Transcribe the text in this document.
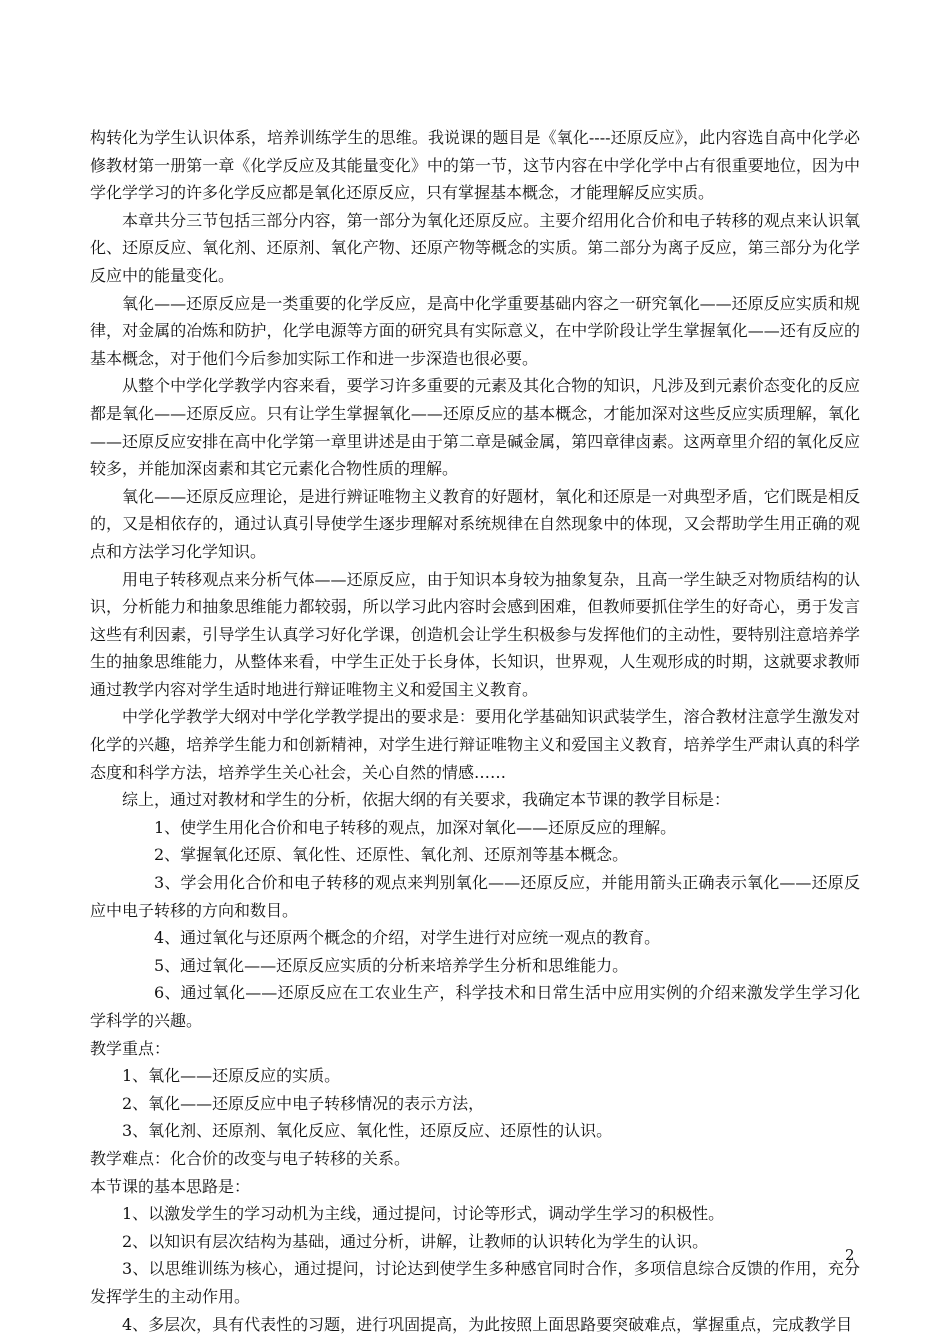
构转化为学生认识体系，培养训练学生的思维。我说课的题目是《氧化----还原反应》，此内容选自高中化学必修教材第一册第一章《化学反应及其能量变化》中的第一节，这节内容在中学化学中占有很重要地位，因为中学化学学习的许多化学反应都是氧化还原反应，只有掌握基本概念，才能理解反应实质。

本章共分三节包括三部分内容，第一部分为氧化还原反应。主要介绍用化合价和电子转移的观点来认识氧化、还原反应、氧化剂、还原剂、氧化产物、还原产物等概念的实质。第二部分为离子反应，第三部分为化学反应中的能量变化。

氧化——还原反应是一类重要的化学反应，是高中化学重要基础内容之一研究氧化——还原反应实质和规律，对金属的冶炼和防护，化学电源等方面的研究具有实际意义，在中学阶段让学生掌握氧化——还有反应的基本概念，对于他们今后参加实际工作和进一步深造也很必要。

从整个中学化学教学内容来看，要学习许多重要的元素及其化合物的知识，凡涉及到元素价态变化的反应都是氧化——还原反应。只有让学生掌握氧化——还原反应的基本概念，才能加深对这些反应实质理解，氧化——还原反应安排在高中化学第一章里讲述是由于第二章是碱金属，第四章律卤素。这两章里介绍的氧化反应较多，并能加深卤素和其它元素化合物性质的理解。

氧化——还原反应理论，是进行辨证唯物主义教育的好题材，氧化和还原是一对典型矛盾，它们既是相反的，又是相依存的，通过认真引导使学生逐步理解对系统规律在自然现象中的体现，又会帮助学生用正确的观点和方法学习化学知识。

用电子转移观点来分析气体——还原反应，由于知识本身较为抽象复杂，且高一学生缺乏对物质结构的认识，分析能力和抽象思维能力都较弱，所以学习此内容时会感到困难，但教师要抓住学生的好奇心，勇于发言这些有利因素，引导学生认真学习好化学课，创造机会让学生积极参与发挥他们的主动性，要特别注意培养学生的抽象思维能力，从整体来看，中学生正处于长身体，长知识，世界观，人生观形成的时期，这就要求教师通过教学内容对学生适时地进行辩证唯物主义和爱国主义教育。

中学化学教学大纲对中学化学教学提出的要求是：要用化学基础知识武装学生，溶合教材注意学生激发对化学的兴趣，培养学生能力和创新精神，对学生进行辩证唯物主义和爱国主义教育，培养学生严肃认真的科学态度和科学方法，培养学生关心社会，关心自然的情感……

综上，通过对教材和学生的分析，依据大纲的有关要求，我确定本节课的教学目标是：

1、使学生用化合价和电子转移的观点，加深对氧化——还原反应的理解。

2、掌握氧化还原、氧化性、还原性、氧化剂、还原剂等基本概念。

3、学会用化合价和电子转移的观点来判别氧化——还原反应，并能用箭头正确表示氧化——还原反应中电子转移的方向和数目。

4、通过氧化与还原两个概念的介绍，对学生进行对应统一观点的教育。

5、通过氧化——还原反应实质的分析来培养学生分析和思维能力。

6、通过氧化——还原反应在工农业生产，科学技术和日常生活中应用实例的介绍来激发学生学习化学科学的兴趣。

教学重点：

1、氧化——还原反应的实质。

2、氧化——还原反应中电子转移情况的表示方法，

3、氧化剂、还原剂、氧化反应、氧化性，还原反应、还原性的认识。

教学难点：化合价的改变与电子转移的关系。

本节课的基本思路是：

1、以激发学生的学习动机为主线，通过提问，讨论等形式，调动学生学习的积极性。

2、以知识有层次结构为基础，通过分析，讲解，让教师的认识转化为学生的认识。

3、以思维训练为核心，通过提问，讨论达到使学生多种感官同时合作，多项信息综合反馈的作用，充分发挥学生的主动作用。

4、多层次，具有代表性的习题，进行巩固提高，为此按照上面思路要突破难点，掌握重点，完成教学目

2
